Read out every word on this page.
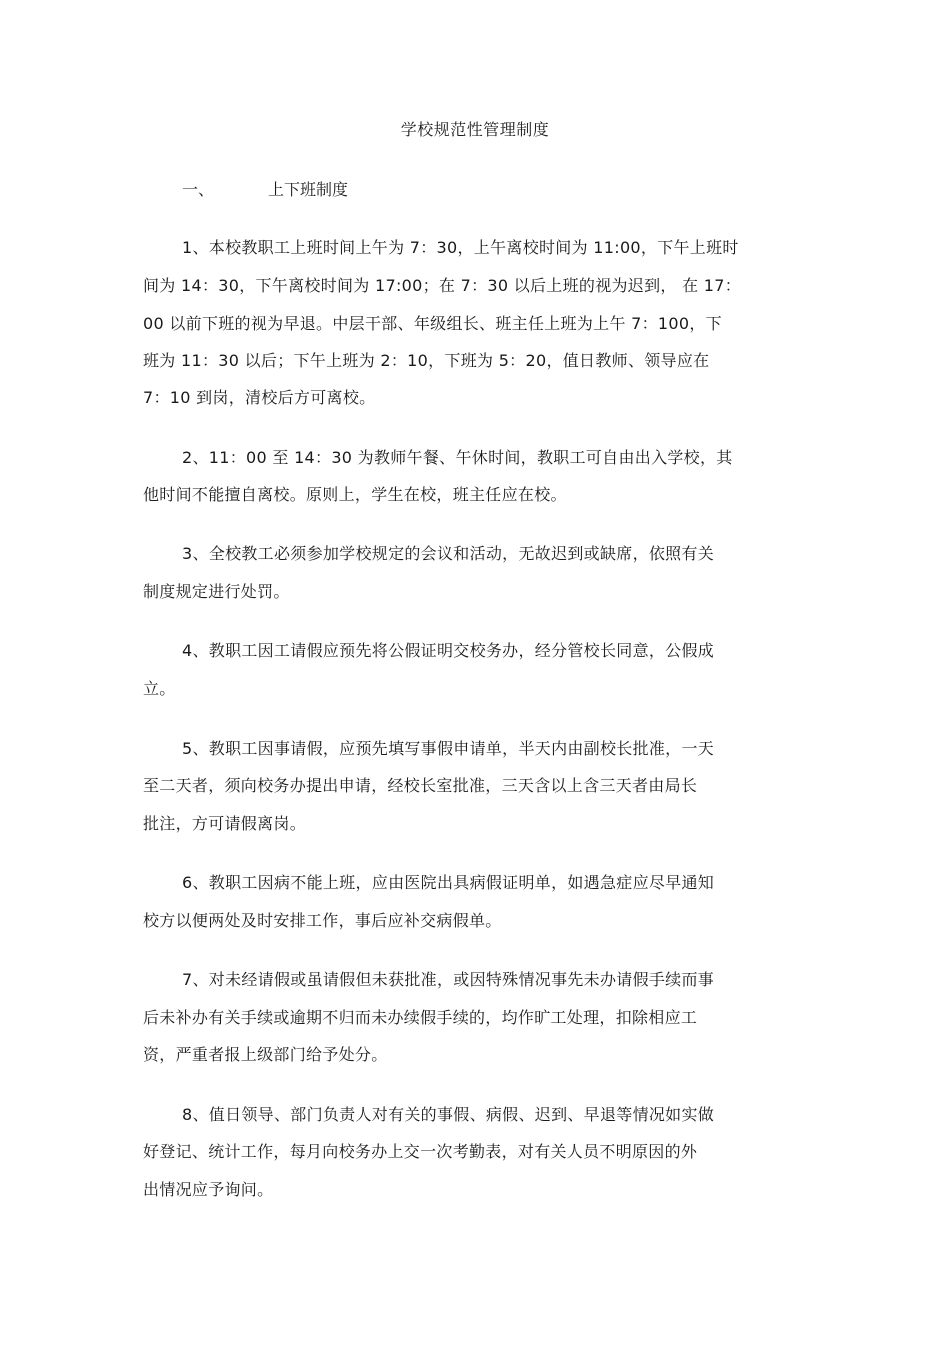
学校规范性管理制度
一、	上下班制度
1、本校教职工上班时间上午为 7：30，上午离校时间为 11:00，下午上班时
间为 14：30，下午离校时间为 17:00；在 7：30 以后上班的视为迟到， 在 17：
00 以前下班的视为早退。中层干部、年级组长、班主任上班为上午 7：100，下
班为 11：30 以后；下午上班为 2：10，下班为 5：20，值日教师、领导应在
7：10 到岗，清校后方可离校。
2、11：00 至 14：30 为教师午餐、午休时间，教职工可自由出入学校，其
他时间不能擅自离校。原则上，学生在校，班主任应在校。
3、全校教工必须参加学校规定的会议和活动，无故迟到或缺席，依照有关
制度规定进行处罚。
4、教职工因工请假应预先将公假证明交校务办，经分管校长同意，公假成
立。
5、教职工因事请假，应预先填写事假申请单，半天内由副校长批准，一天
至二天者，须向校务办提出申请，经校长室批准，三天含以上含三天者由局长
批注，方可请假离岗。
6、教职工因病不能上班，应由医院出具病假证明单，如遇急症应尽早通知
校方以便两处及时安排工作，事后应补交病假单。
7、对未经请假或虽请假但未获批准，或因特殊情况事先未办请假手续而事
后未补办有关手续或逾期不归而未办续假手续的，均作旷工处理，扣除相应工
资，严重者报上级部门给予处分。
8、值日领导、部门负责人对有关的事假、病假、迟到、早退等情况如实做
好登记、统计工作，每月向校务办上交一次考勤表，对有关人员不明原因的外
出情况应予询问。
